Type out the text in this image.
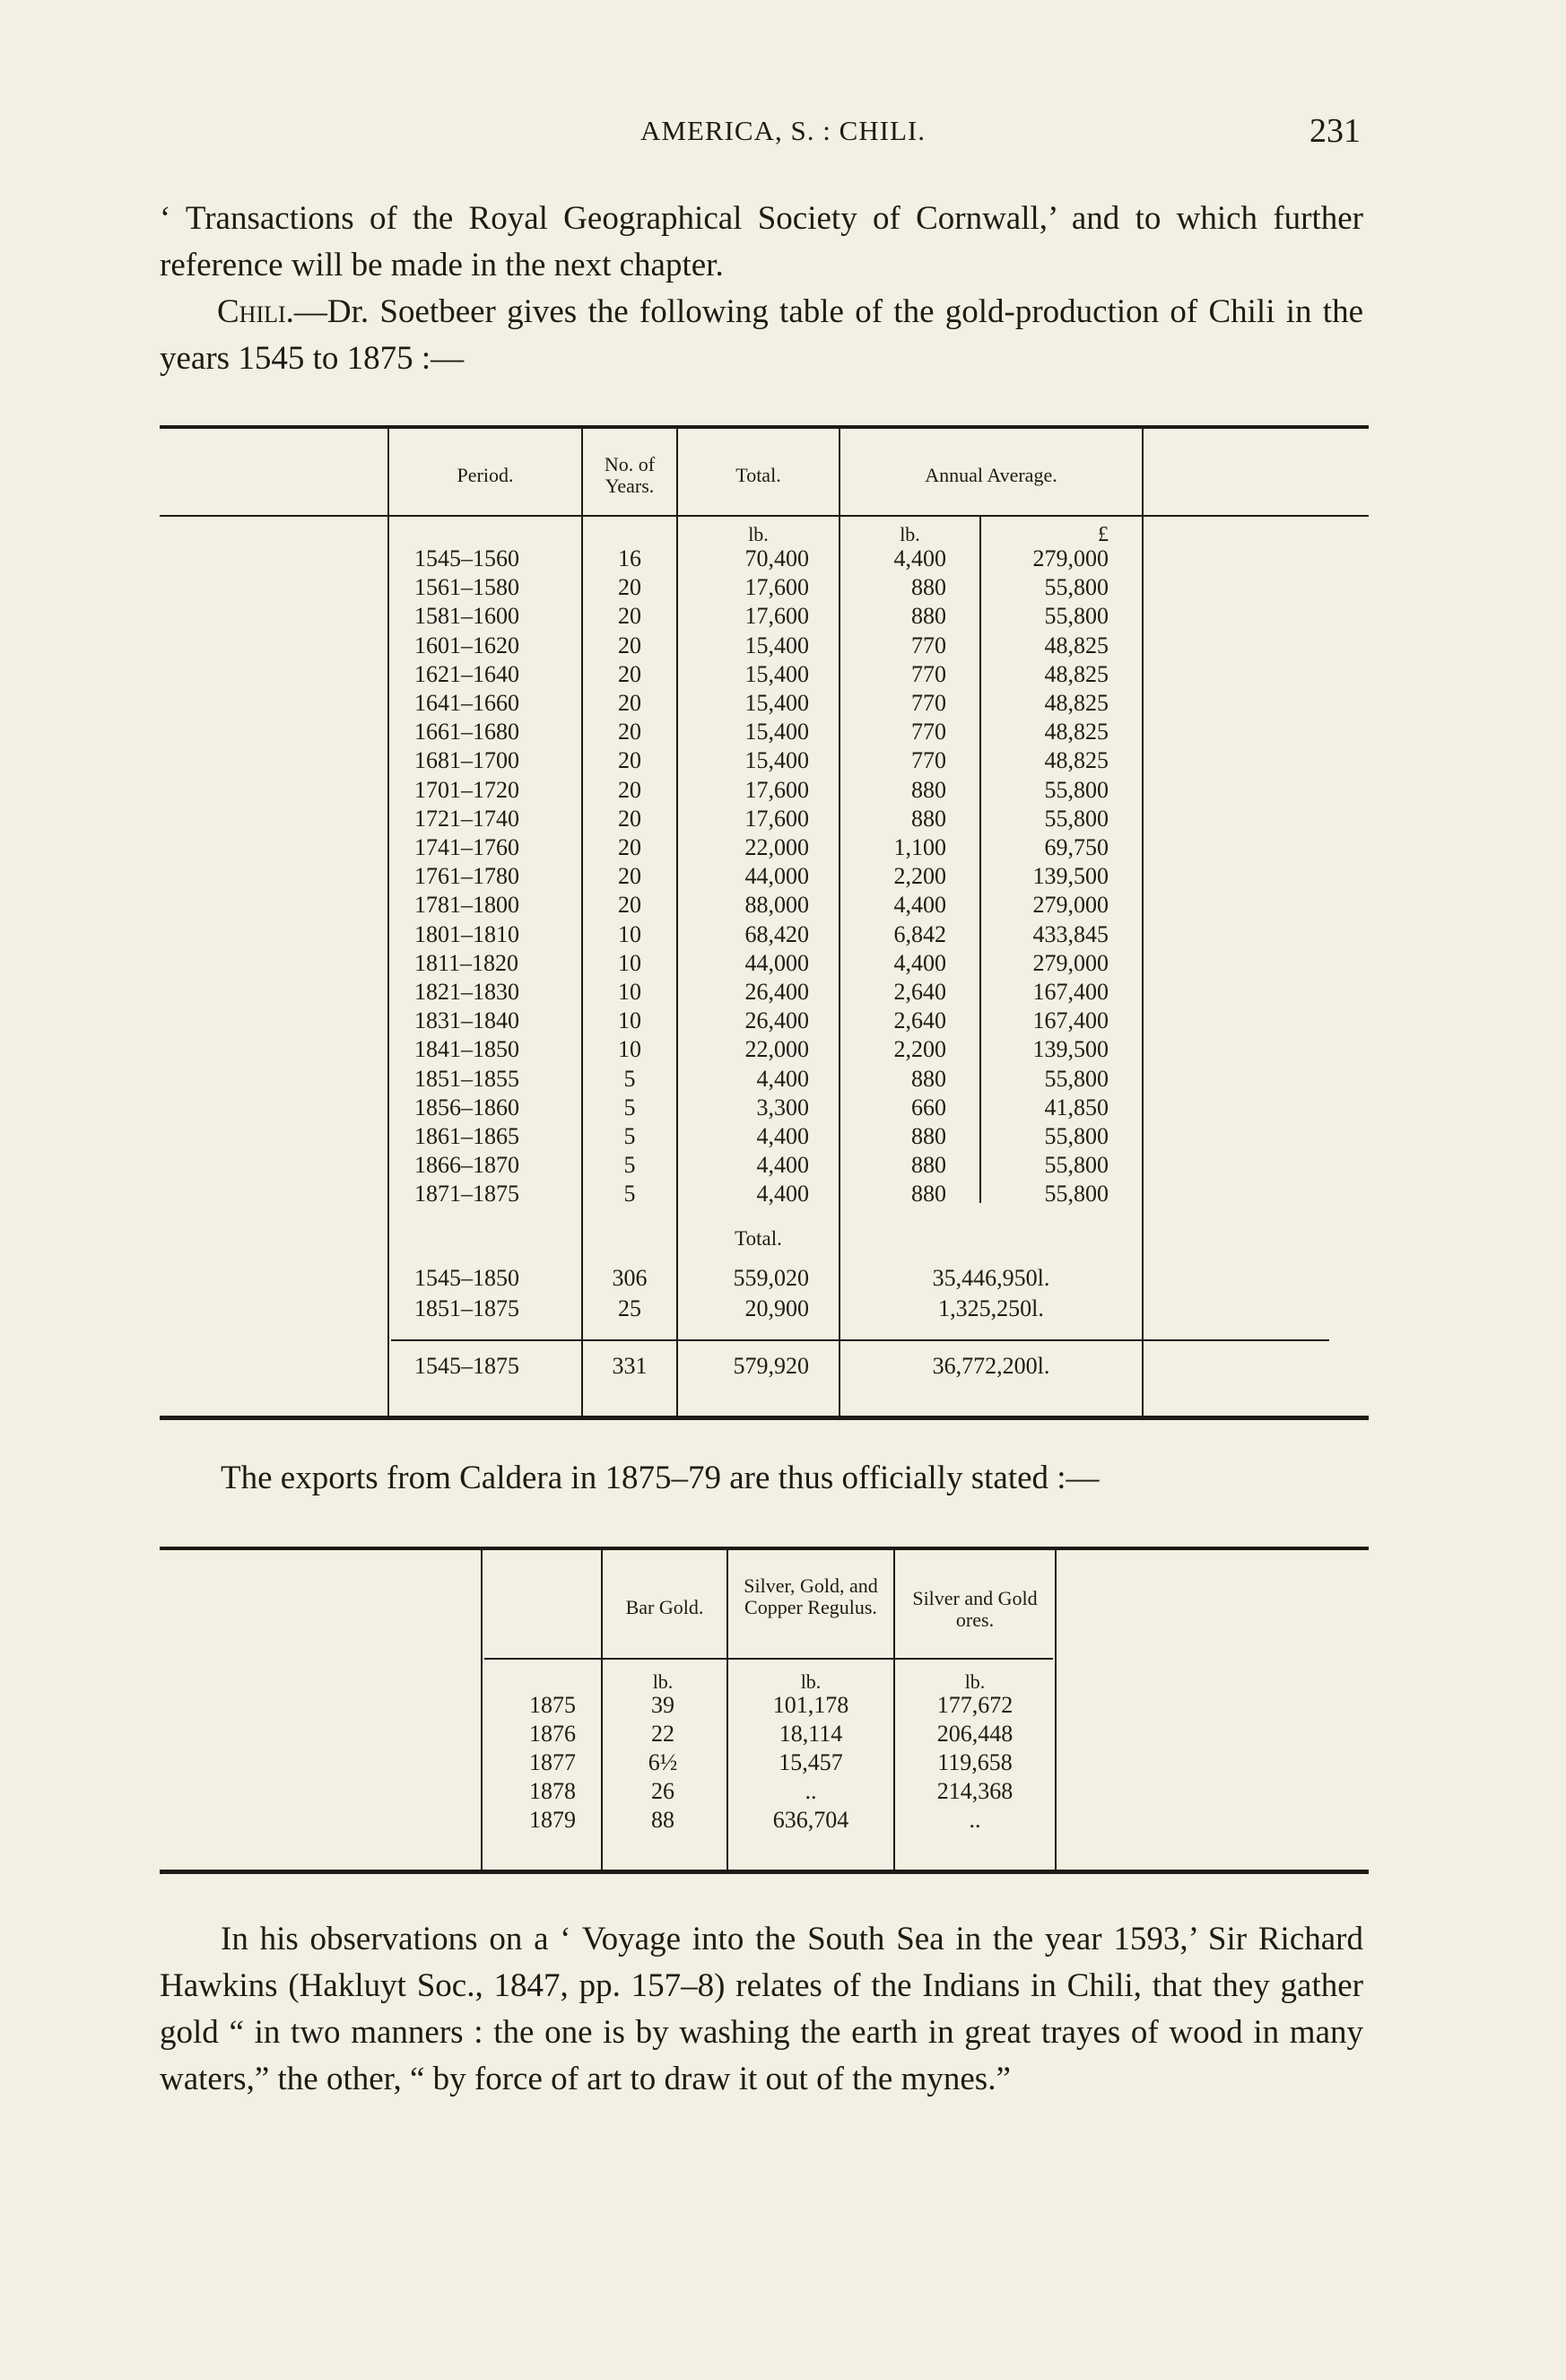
AMERICA, S. : CHILI.	231
‘ Transactions of the Royal Geographical Society of Cornwall,’ and to which further reference will be made in the next chapter.
Chili.—Dr. Soetbeer gives the following table of the gold-production of Chili in the years 1545 to 1875 :—
Period.	No. of Years.	Total.	Annual Average.
lb.	lb.	£
1545–1560	16	70,400	4,400	279,000
1561–1580	20	17,600	880	55,800
1581–1600	20	17,600	880	55,800
1601–1620	20	15,400	770	48,825
1621–1640	20	15,400	770	48,825
1641–1660	20	15,400	770	48,825
1661–1680	20	15,400	770	48,825
1681–1700	20	15,400	770	48,825
1701–1720	20	17,600	880	55,800
1721–1740	20	17,600	880	55,800
1741–1760	20	22,000	1,100	69,750
1761–1780	20	44,000	2,200	139,500
1781–1800	20	88,000	4,400	279,000
1801–1810	10	68,420	6,842	433,845
1811–1820	10	44,000	4,400	279,000
1821–1830	10	26,400	2,640	167,400
1831–1840	10	26,400	2,640	167,400
1841–1850	10	22,000	2,200	139,500
1851–1855	5	4,400	880	55,800
1856–1860	5	3,300	660	41,850
1861–1865	5	4,400	880	55,800
1866–1870	5	4,400	880	55,800
1871–1875	5	4,400	880	55,800
Total.
1545–1850	306	559,020	35,446,950l.
1851–1875	25	20,900	1,325,250l.
1545–1875	331	579,920	36,772,200l.
The exports from Caldera in 1875–79 are thus officially stated :—
Bar Gold.
Silver, Gold, and Copper Regulus.	Silver and Gold ores.
lb.	lb.	lb.
1875	39	101,178	177,672
1876	22	18,114	206,448
1877	6½	15,457	119,658
1878	26	..	214,368
1879	88	636,704	..
In his observations on a ‘ Voyage into the South Sea in the year 1593,’ Sir Richard Hawkins (Hakluyt Soc., 1847, pp. 157–8) relates of the Indians in Chili, that they gather gold “ in two manners : the one is by washing the earth in great trayes of wood in many waters,” the other, “ by force of art to draw it out of the mynes.”
